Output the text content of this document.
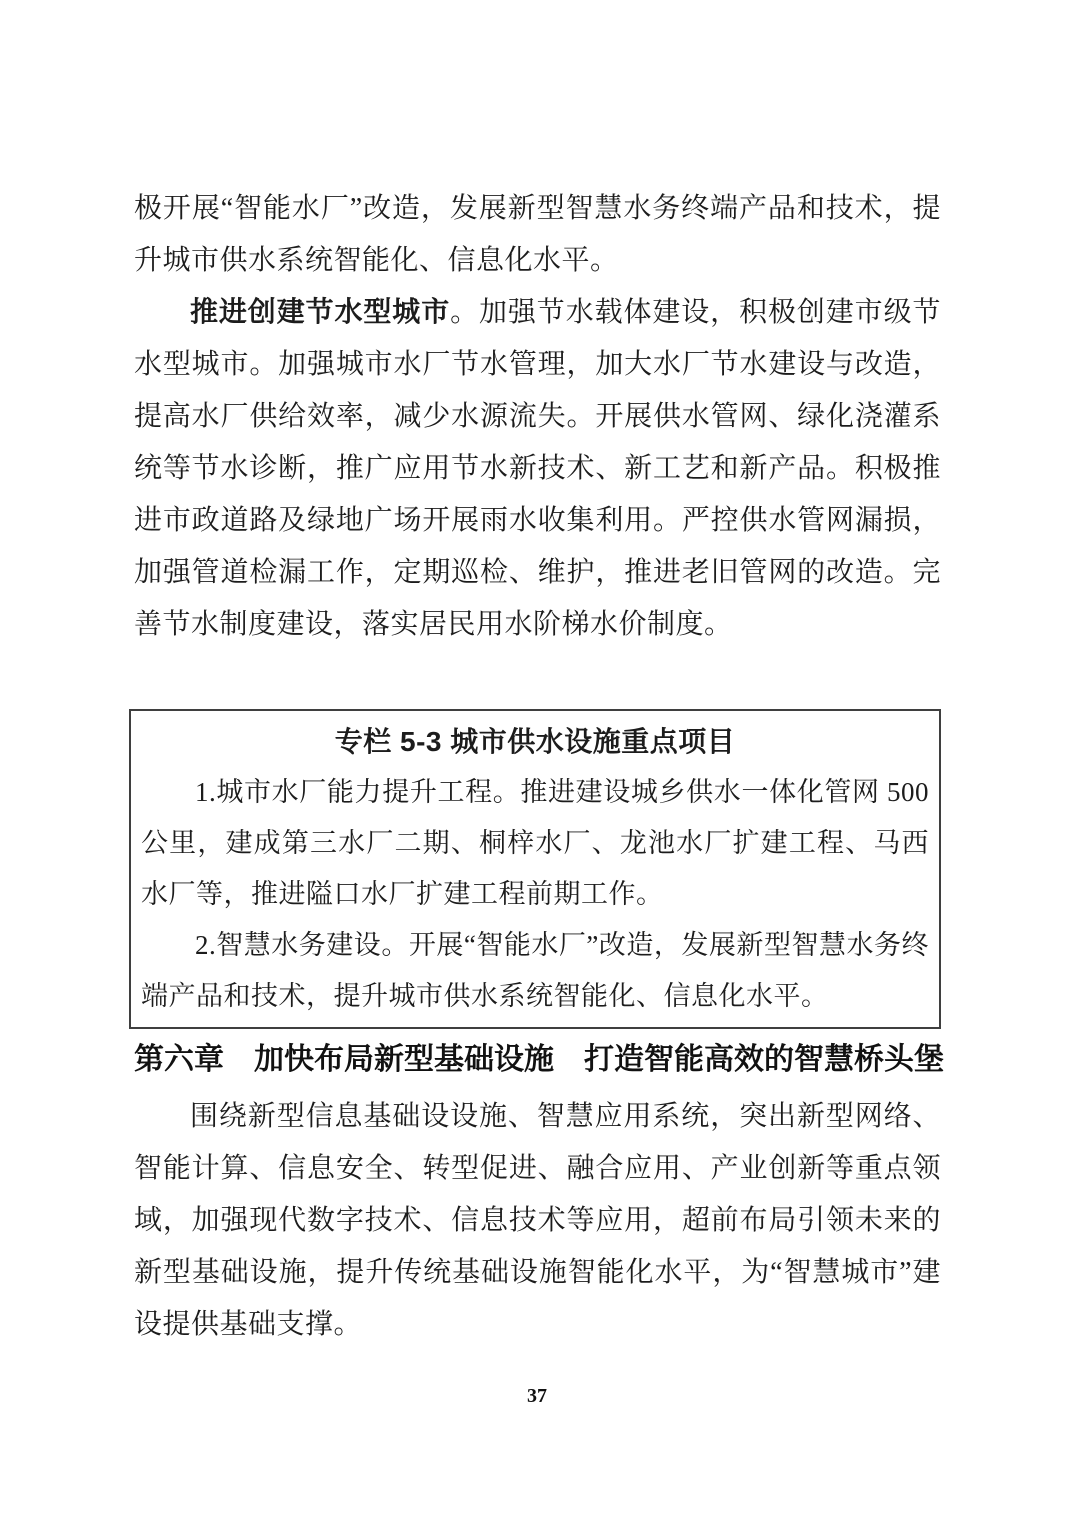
极开展“智能水厂”改造，发展新型智慧水务终端产品和技术，提升城市供水系统智能化、信息化水平。

推进创建节水型城市。加强节水载体建设，积极创建市级节水型城市。加强城市水厂节水管理，加大水厂节水建设与改造，提高水厂供给效率，减少水源流失。开展供水管网、绿化浇灌系统等节水诊断，推广应用节水新技术、新工艺和新产品。积极推进市政道路及绿地广场开展雨水收集利用。严控供水管网漏损，加强管道检漏工作，定期巡检、维护，推进老旧管网的改造。完善节水制度建设，落实居民用水阶梯水价制度。

专栏 5-3 城市供水设施重点项目

1.城市水厂能力提升工程。推进建设城乡供水一体化管网 500 公里，建成第三水厂二期、桐梓水厂、龙池水厂扩建工程、马西水厂等，推进隘口水厂扩建工程前期工作。

2.智慧水务建设。开展“智能水厂”改造，发展新型智慧水务终端产品和技术，提升城市供水系统智能化、信息化水平。

第六章　加快布局新型基础设施　打造智能高效的智慧桥头堡

围绕新型信息基础设设施、智慧应用系统，突出新型网络、智能计算、信息安全、转型促进、融合应用、产业创新等重点领域，加强现代数字技术、信息技术等应用，超前布局引领未来的新型基础设施，提升传统基础设施智能化水平，为“智慧城市”建设提供基础支撑。

37
